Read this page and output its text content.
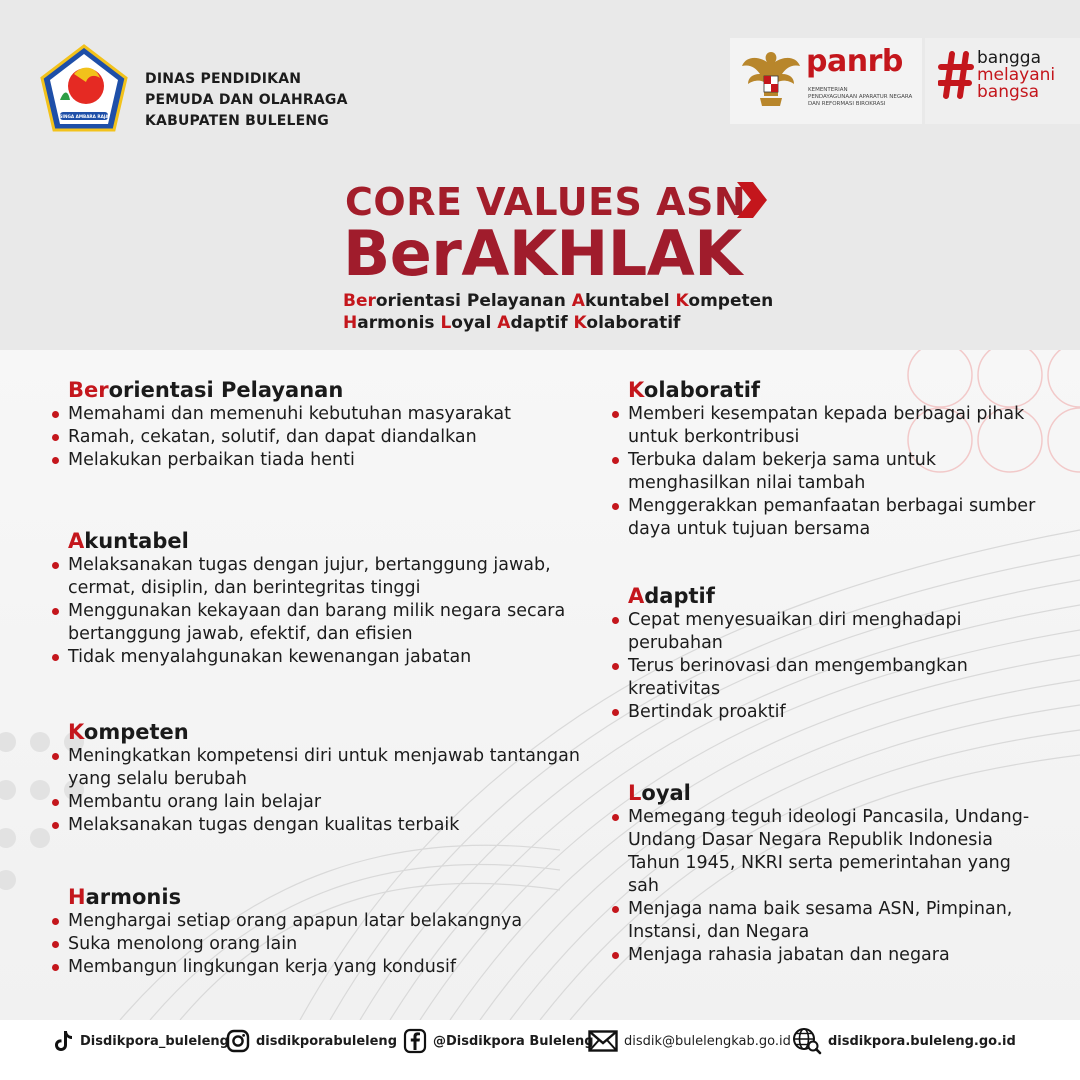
SINGA AMBARA RAJA
DINAS PENDIDIKAN
PEMUDA DAN OLAHRAGA
KABUPATEN BULELENG
panrb
KEMENTERIAN
PENDAYAGUNAAN APARATUR NEGARA
DAN REFORMASI BIROKRASI
bangga
melayani
bangsa
CORE VALUES ASN
BerAKHLAK
Berorientasi Pelayanan Akuntabel Kompeten
Harmonis Loyal Adaptif Kolaboratif
Berorientasi Pelayanan
Memahami dan memenuhi kebutuhan masyarakat
Ramah, cekatan, solutif, dan dapat diandalkan
Melakukan perbaikan tiada henti
Akuntabel
Melaksanakan tugas dengan jujur, bertanggung jawab, cermat, disiplin, dan berintegritas tinggi
Menggunakan kekayaan dan barang milik negara secara bertanggung jawab, efektif, dan efisien
Tidak menyalahgunakan kewenangan jabatan
Kompeten
Meningkatkan kompetensi diri untuk menjawab tantangan yang selalu berubah
Membantu orang lain belajar
Melaksanakan tugas dengan kualitas terbaik
Harmonis
Menghargai setiap orang apapun latar belakangnya
Suka menolong orang lain
Membangun lingkungan kerja yang kondusif
Kolaboratif
Memberi kesempatan kepada berbagai pihak untuk berkontribusi
Terbuka dalam bekerja sama untuk menghasilkan nilai tambah
Menggerakkan pemanfaatan berbagai sumber daya untuk tujuan bersama
Adaptif
Cepat menyesuaikan diri menghadapi perubahan
Terus berinovasi dan mengembangkan kreativitas
Bertindak proaktif
Loyal
Memegang teguh ideologi Pancasila, Undang-Undang Dasar Negara Republik Indonesia Tahun 1945, NKRI serta pemerintahan yang sah
Menjaga nama baik sesama ASN, Pimpinan, Instansi, dan Negara
Menjaga rahasia jabatan dan negara
Disdikpora_buleleng disdikporabuleleng	@Disdikpora Buleleng disdik@bulelengkab.go.id	disdikpora.buleleng.go.id
